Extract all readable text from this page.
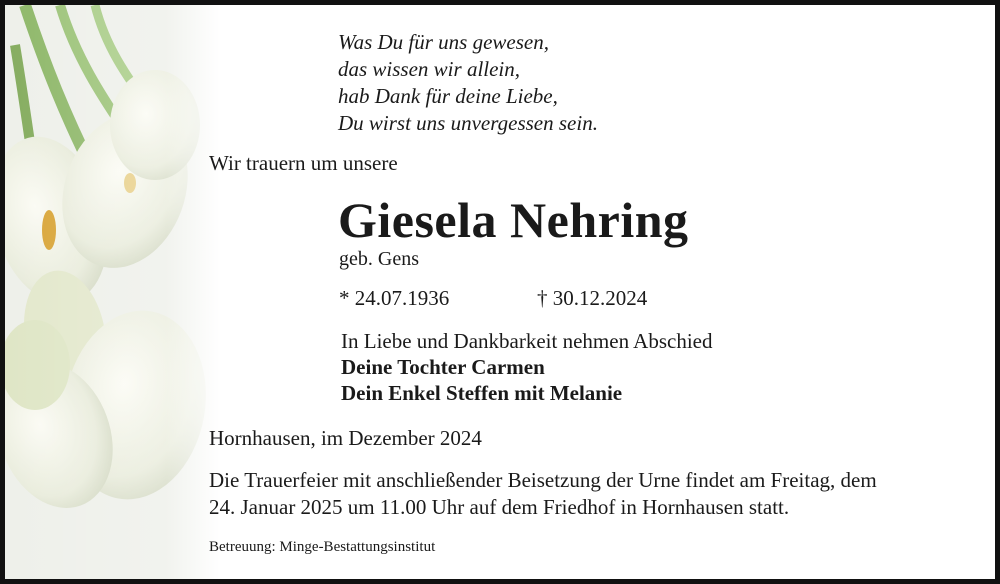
Was Du für uns gewesen,
das wissen wir allein,
hab Dank für deine Liebe,
Du wirst uns unvergessen sein.
Wir trauern um unsere
Giesela Nehring
geb. Gens
* 24.07.1936	† 30.12.2024
In Liebe und Dankbarkeit nehmen Abschied
Deine Tochter Carmen
Dein Enkel Steffen mit Melanie
Hornhausen, im Dezember 2024
Die Trauerfeier mit anschließender Beisetzung der Urne findet am Freitag, dem
24. Januar 2025 um 11.00 Uhr auf dem Friedhof in Hornhausen statt.
Betreuung: Minge-Bestattungsinstitut
